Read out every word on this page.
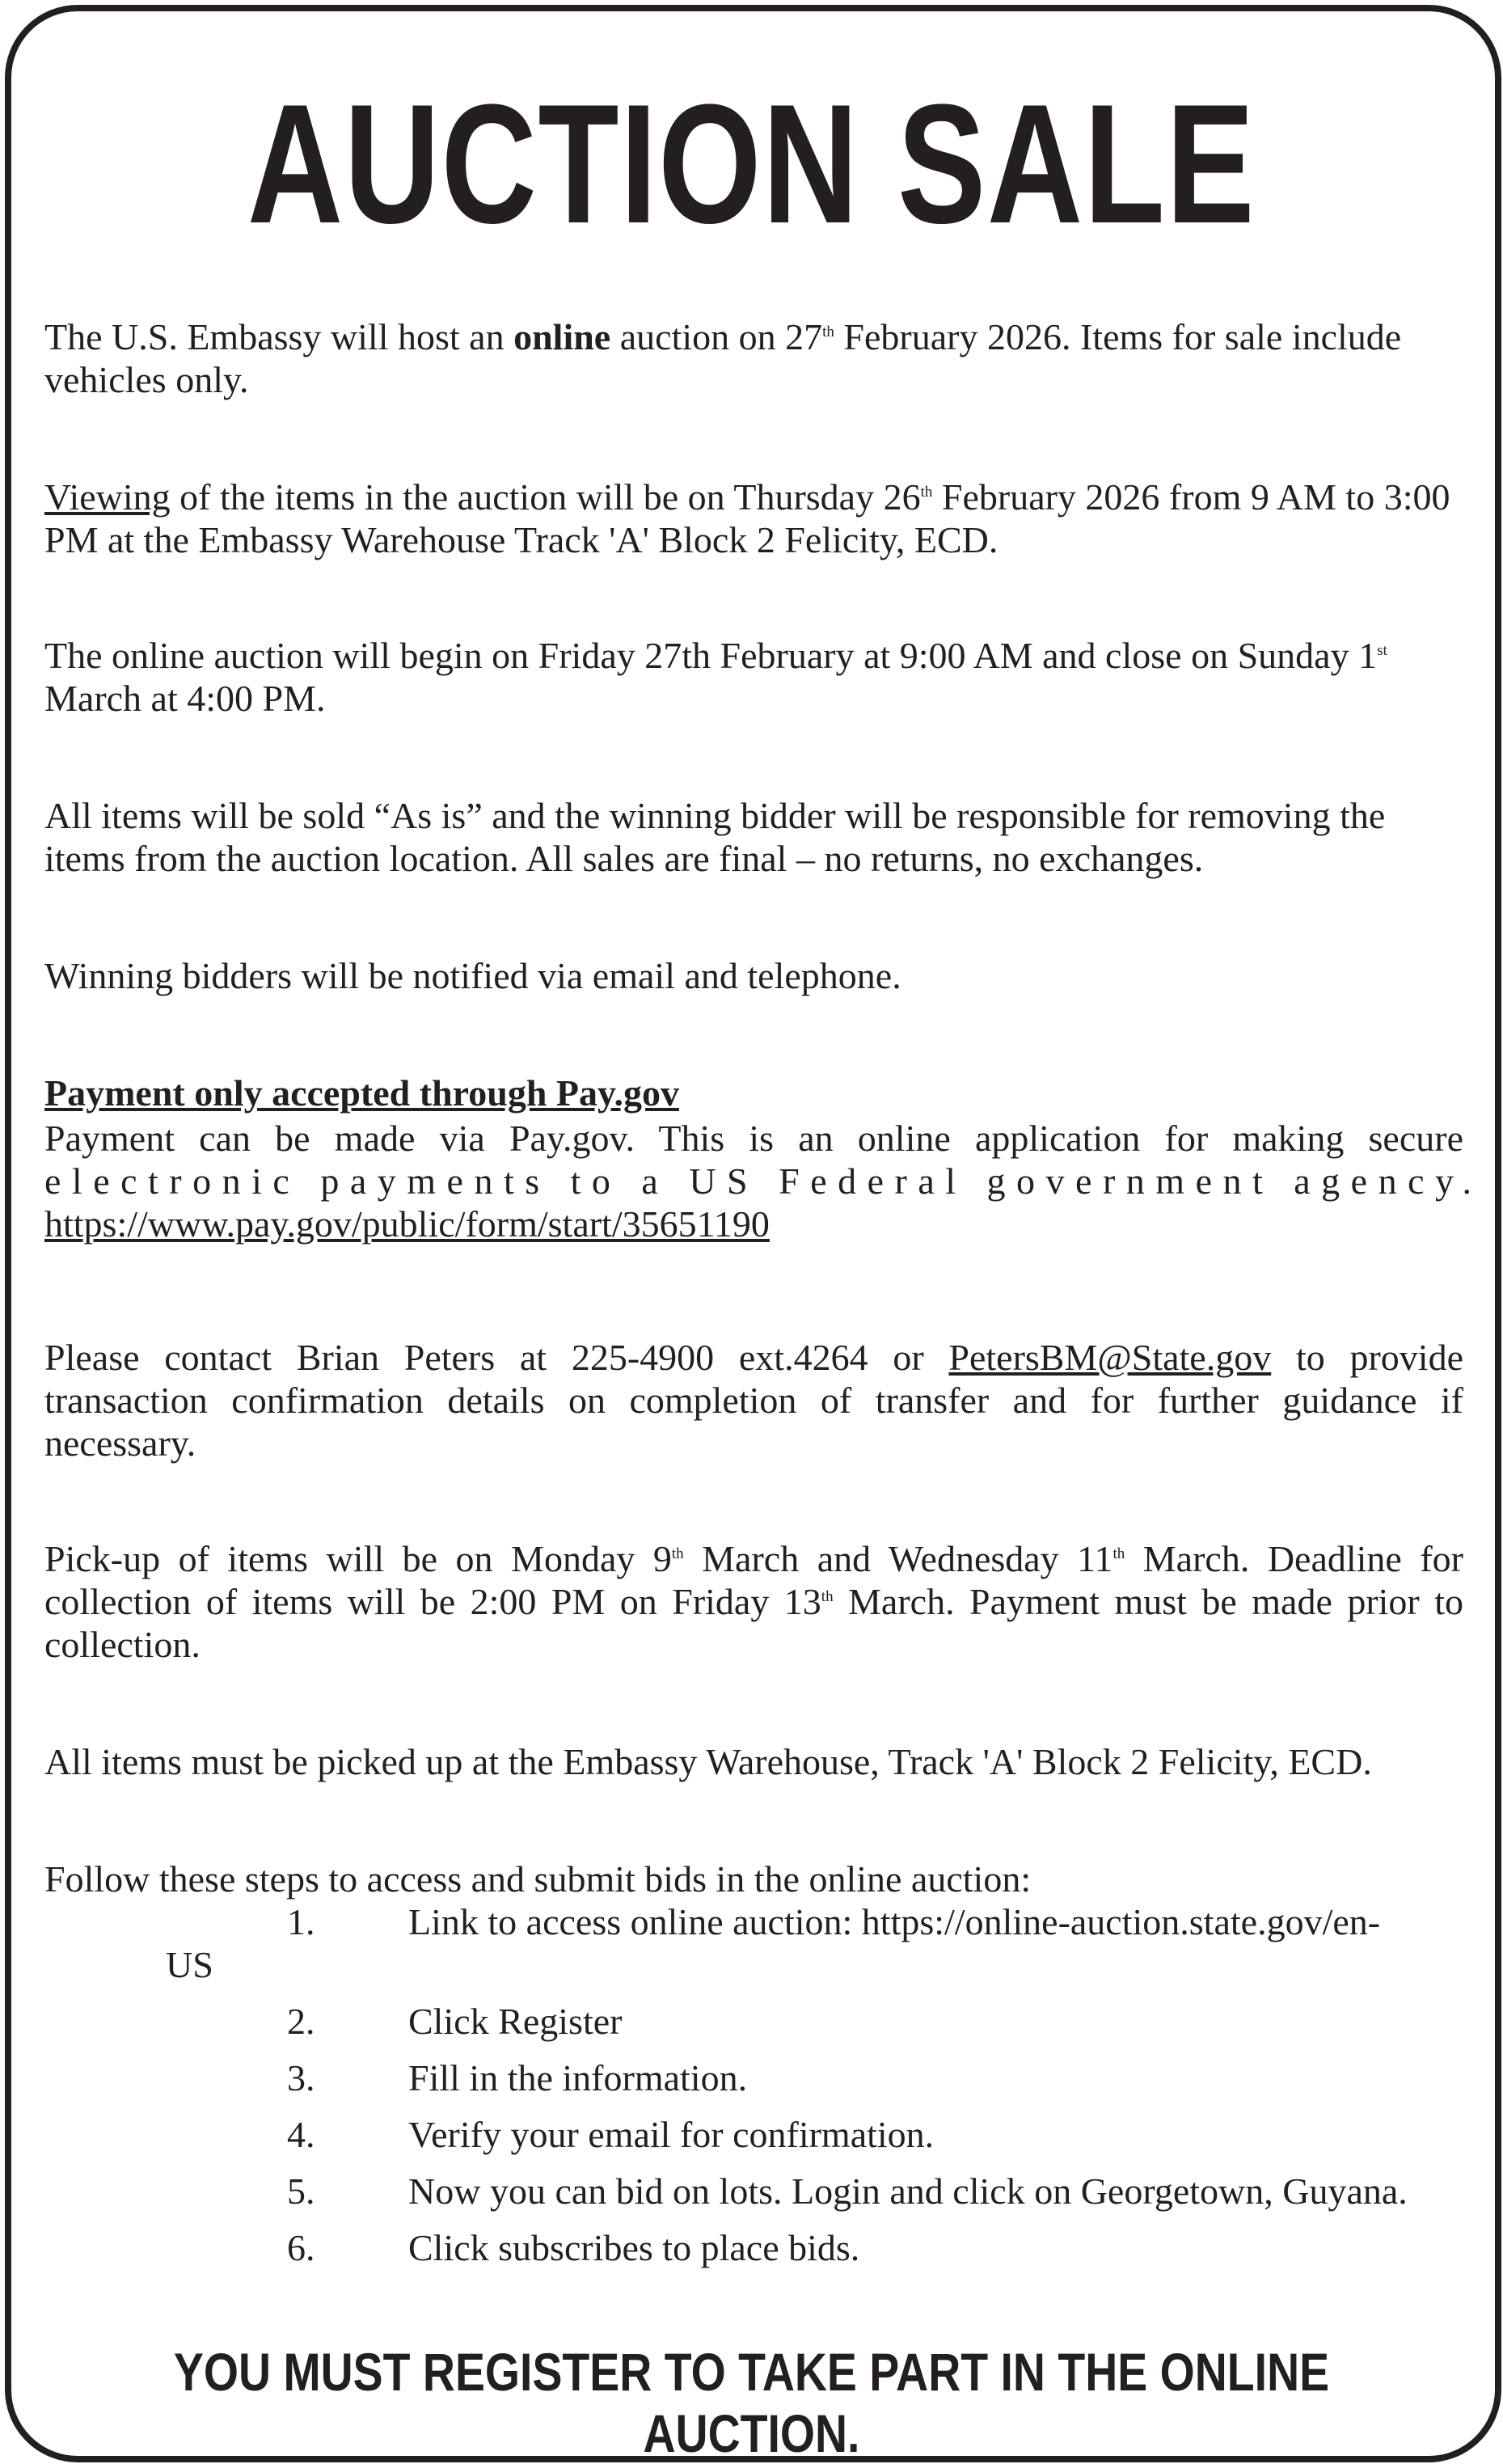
AUCTION SALE

The U.S. Embassy will host an online auction on 27th February 2026. Items for sale include vehicles only.

Viewing of the items in the auction will be on Thursday 26th February 2026 from 9 AM to 3:00 PM at the Embassy Warehouse Track 'A' Block 2 Felicity, ECD.

The online auction will begin on Friday 27th February at 9:00 AM and close on Sunday 1st March at 4:00 PM.

All items will be sold “As is” and the winning bidder will be responsible for removing the items from the auction location. All sales are final – no returns, no exchanges.

Winning bidders will be notified via email and telephone.

Payment only accepted through Pay.gov

Payment can be made via Pay.gov. This is an online application for making secure
electronic payments to a US Federal government agency.
https://www.pay.gov/public/form/start/35651190

Please contact Brian Peters at 225-4900 ext.4264 or PetersBM@State.gov to provide transaction confirmation details on completion of transfer and for further guidance if necessary.

Pick-up of items will be on Monday 9th March and Wednesday 11th March. Deadline for collection of items will be 2:00 PM on Friday 13th March. Payment must be made prior to collection.

All items must be picked up at the Embassy Warehouse, Track 'A' Block 2 Felicity, ECD.

Follow these steps to access and submit bids in the online auction:

1.	Link to access online auction: https://online-auction.state.gov/en-
US
2.	Click Register
3.	Fill in the information.
4.	Verify your email for confirmation.
5.	Now you can bid on lots. Login and click on Georgetown, Guyana.
6.	Click subscribes to place bids.
YOU MUST REGISTER TO TAKE PART IN THE ONLINE AUCTION.
